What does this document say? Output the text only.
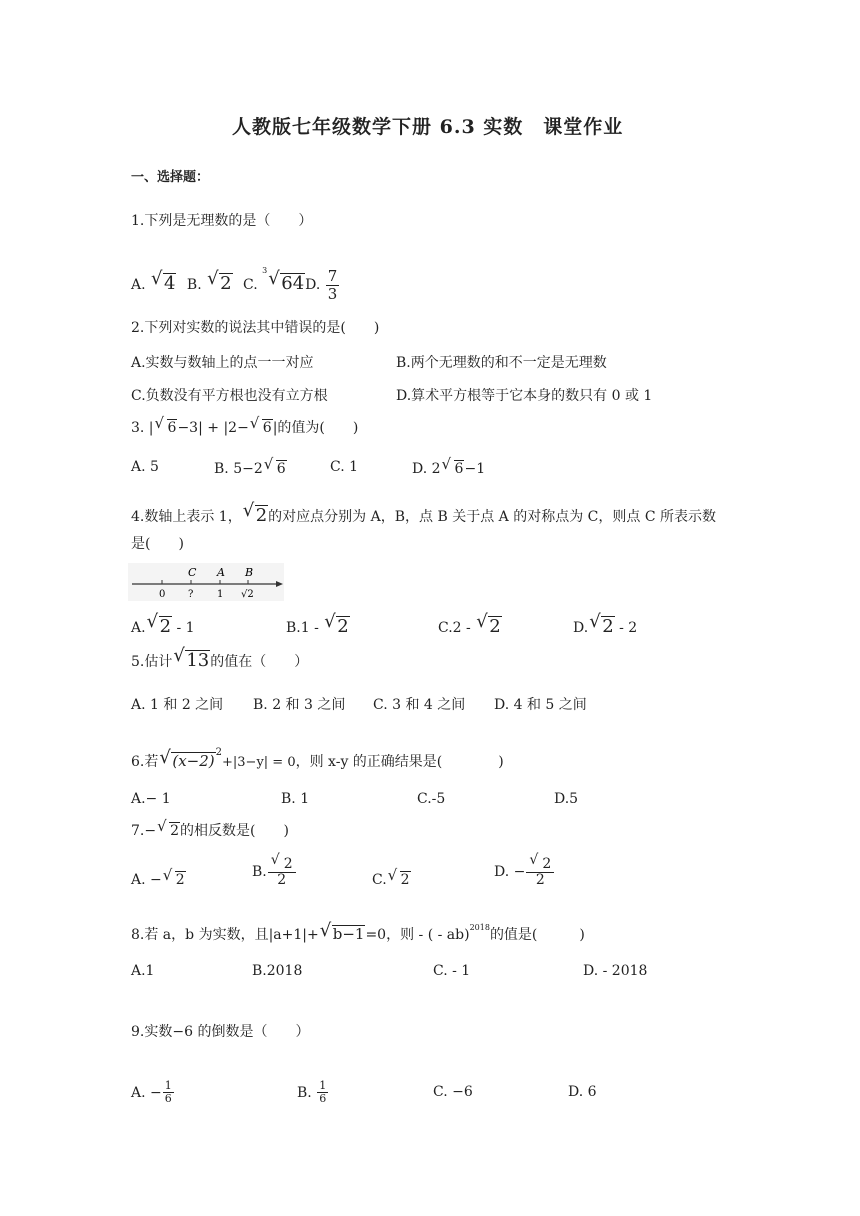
人教版七年级数学下册 6.3 实数　课堂作业
一、选择题：
1.下列是无理数的是（　　）
A. √ 4 B. √ 2 C. $^3$ √ 64D. $\frac{7}{3}$
2.下列对实数的说法其中错误的是(　　)
A.实数与数轴上的点一一对应	B.两个无理数的和不一定是无理数
C.负数没有平方根也没有立方根	D.算术平方根等于它本身的数只有 0 或 1
3. | √ 6−3| + |2− √ 6|的值为(　　)
A. 5	B. 5−2 √ 6	C. 1	D. 2 √ 6−1
4.数轴上表示 1， √ 2的对应点分别为 A，B，点 B 关于点 A 的对称点为 C，则点 C 所表示数
是(　　)
C A B
0 ? 1 √2
A. √ 2 - 1	B.1 - √ 2	C.2 - √ 2	D. √ 2 - 2
5.估计 √ 13的值在（　　）
A. 1 和 2 之间 B. 2 和 3 之间 C. 3 和 4 之间 D. 4 和 5 之间
6.若 √ $(x-2)^2+|3-y| = 0$，则 x-y 的正确结果是(　　　　)
A.− 1	B. 1	C.-5	D.5
7.− √ 2的相反数是(　　)
A. − √ 2	B. $\frac{√ 2}{2}$	C. √ 2	D. − $\frac{√ 2}{2}$
8.若 a，b 为实数，且|a+1|+ √ b−1=0，则 - ( - ab)$^{2018}$的值是(　　　)
A.1	B.2018	C. - 1	D. - 2018
9.实数−6 的倒数是（　　）
A. − $\frac{1}{6}$	B. $\frac{1}{6}$	C. −6	D. 6
